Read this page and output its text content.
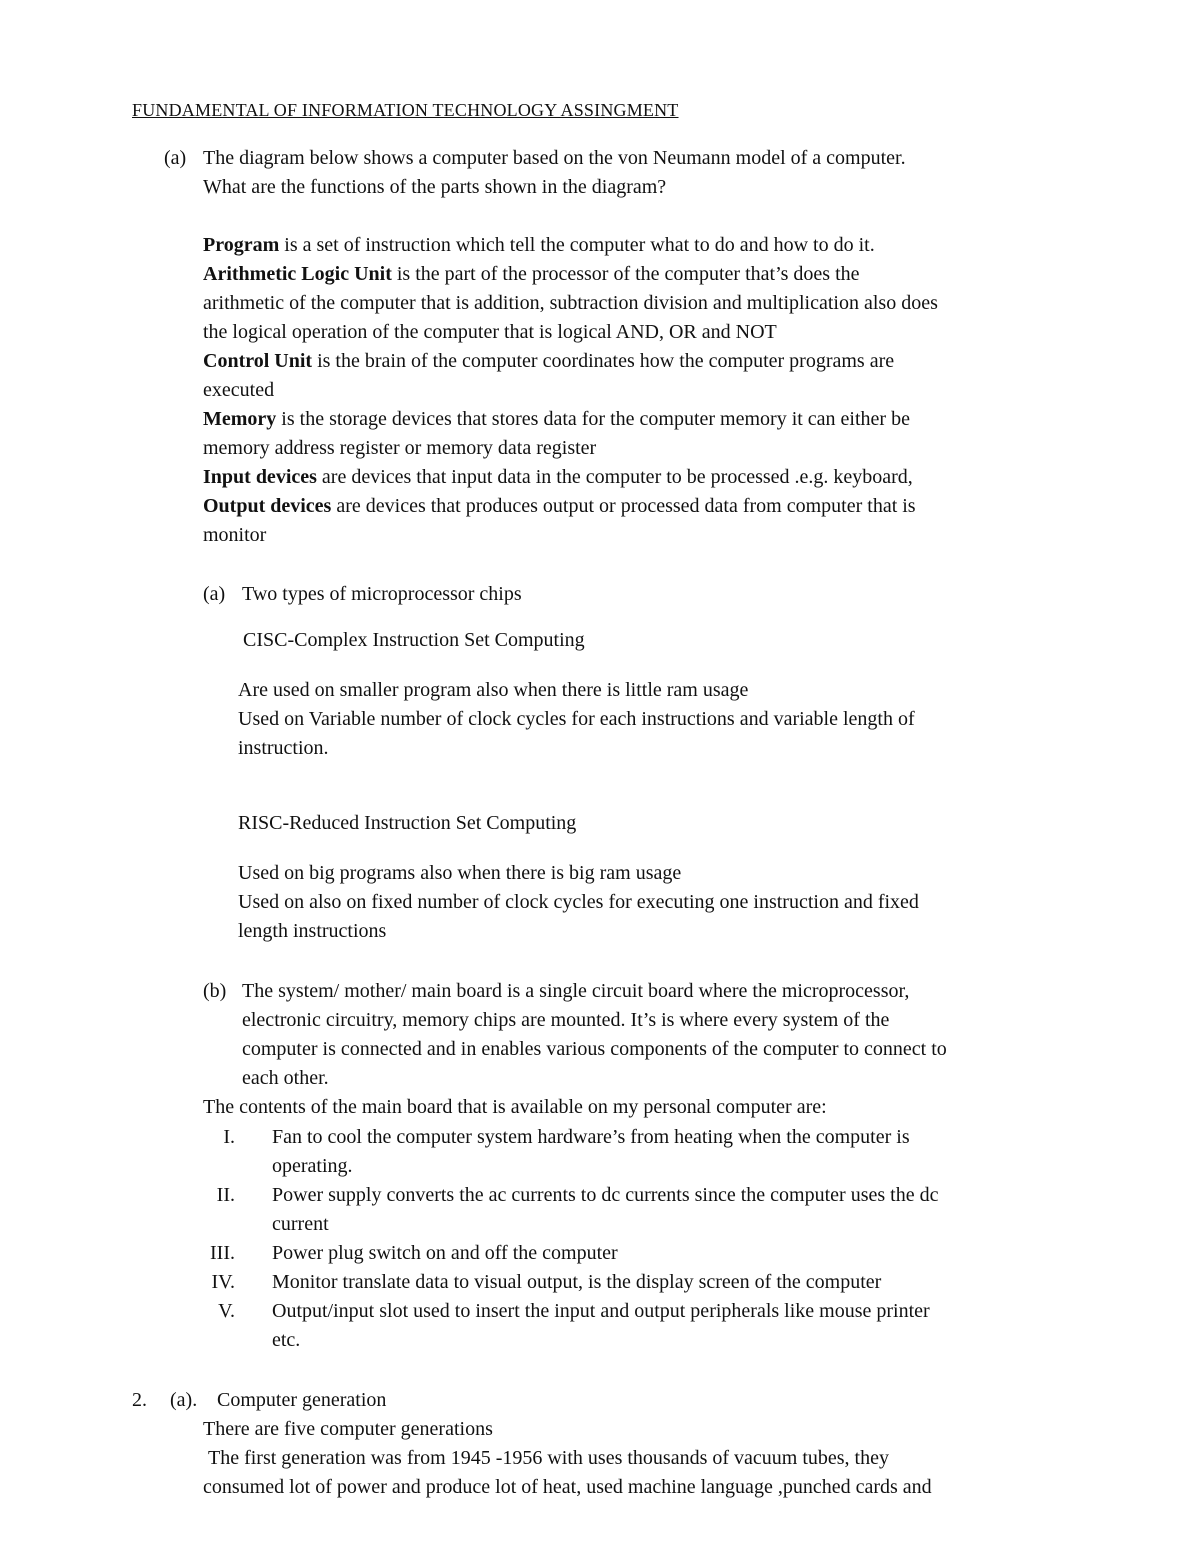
FUNDAMENTAL OF INFORMATION TECHNOLOGY ASSINGMENT

(a) The diagram below shows a computer based on the von Neumann model of a computer.

What are the functions of the parts shown in the diagram?

Program is a set of instruction which tell the computer what to do and how to do it.

Arithmetic Logic Unit is the part of the processor of the computer that’s does the

arithmetic of the computer that is addition, subtraction division and multiplication also does

the logical operation of the computer that is logical AND, OR and NOT

Control Unit is the brain of the computer coordinates how the computer programs are

executed

Memory is the storage devices that stores data for the computer memory it can either be

memory address register or memory data register

Input devices are devices that input data in the computer to be processed .e.g. keyboard,

Output devices are devices that produces output or processed data from computer that is

monitor

(a) Two types of microprocessor chips

CISC-Complex Instruction Set Computing

Are used on smaller program also when there is little ram usage

Used on Variable number of clock cycles for each instructions and variable length of

instruction.

RISC-Reduced Instruction Set Computing

Used on big programs also when there is big ram usage

Used on also on fixed number of clock cycles for executing one instruction and fixed

length instructions

(b) The system/ mother/ main board is a single circuit board where the microprocessor,

electronic circuitry, memory chips are mounted. It’s is where every system of the

computer is connected and in enables various components of the computer to connect to

each other.

The contents of the main board that is available on my personal computer are:

I. Fan to cool the computer system hardware’s from heating when the computer is

operating.

II. Power supply converts the ac currents to dc currents since the computer uses the dc

current

III. Power plug switch on and off the computer

IV. Monitor translate data to visual output, is the display screen of the computer

V. Output/input slot used to insert the input and output peripherals like mouse printer

etc.

2. (a). Computer generation

There are five computer generations

The first generation was from 1945 -1956 with uses thousands of vacuum tubes, they

consumed lot of power and produce lot of heat, used machine language ,punched cards and
